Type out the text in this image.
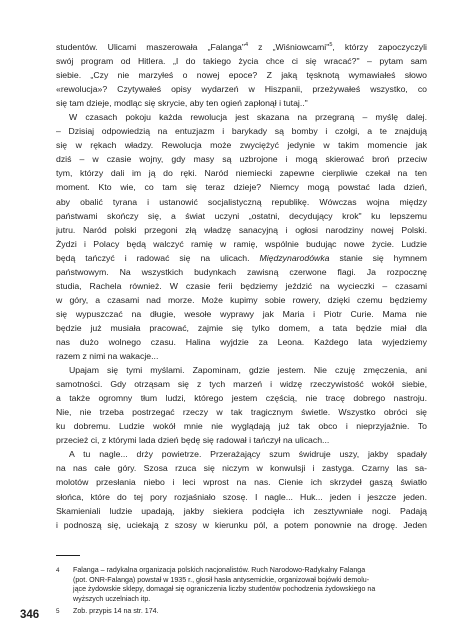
studentów. Ulicami maszerowała „Falanga"$^4$ z „Wiśniowcami"$^5$, którzy zapoczyczyli
swój program od Hitlera. „I do takiego życia chce ci się wracać?" – pytam sam
siebie. „Czy nie marzyłeś o nowej epoce? Z jaką tęsknotą wymawiałeś słowo
«rewolucja»? Czytywałeś opisy wydarzeń w Hiszpanii, przeżywałeś wszystko, co
się tam dzieje, modląc się skrycie, aby ten ogień zapłonął i tutaj.."
W czasach pokoju każda rewolucja jest skazana na przegraną – myślę dalej.
– Dzisiaj odpowiedzią na entuzjazm i barykady są bomby i czołgi, a te znajdują
się w rękach władzy. Rewolucja może zwyciężyć jedynie w takim momencie jak
dziś – w czasie wojny, gdy masy są uzbrojone i mogą skierować broń przeciw
tym, którzy dali im ją do ręki. Naród niemiecki zapewne cierpliwie czekał na ten
moment. Kto wie, co tam się teraz dzieje? Niemcy mogą powstać lada dzień,
aby obalić tyrana i ustanowić socjalistyczną republikę. Wówczas wojna między
państwami skończy się, a świat uczyni „ostatni, decydujący krok" ku lepszemu
jutru. Naród polski przegoni złą władzę sanacyjną i ogłosi narodziny nowej Polski.
Żydzi i Polacy będą walczyć ramię w ramię, wspólnie budując nowe życie. Ludzie
będą tańczyć i radować się na ulicach. Międzynarodówka stanie się hymnem
państwowym. Na wszystkich budynkach zawisną czerwone flagi. Ja rozpocznę
studia, Rachela również. W czasie ferii będziemy jeździć na wycieczki – czasami
w góry, a czasami nad morze. Może kupimy sobie rowery, dzięki czemu będziemy
się wypuszczać na długie, wesołe wyprawy jak Maria i Piotr Curie. Mama nie
będzie już musiała pracować, zajmie się tylko domem, a tata będzie miał dla
nas dużo wolnego czasu. Halina wyjdzie za Leona. Każdego lata wyjedziemy
razem z nimi na wakacje...
Upajam się tymi myślami. Zapominam, gdzie jestem. Nie czuję zmęczenia, ani
samotności. Gdy otrząsam się z tych marzeń i widzę rzeczywistość wokół siebie,
a także ogromny tłum ludzi, którego jestem częścią, nie tracę dobrego nastroju.
Nie, nie trzeba postrzegać rzeczy w tak tragicznym świetle. Wszystko obróci się
ku dobremu. Ludzie wokół mnie nie wyglądają już tak obco i nieprzyjaźnie. To
przecież ci, z którymi lada dzień będę się radował i tańczył na ulicach...
A tu nagle... drży powietrze. Przerażający szum świdruje uszy, jakby spadały
na nas całe góry. Szosa rzuca się niczym w konwulsji i zastyga. Czarny las sa-
molotów przesłania niebo i leci wprost na nas. Cienie ich skrzydeł gaszą światło
słońca, które do tej pory rozjaśniało szosę. I nagle... Huk... jeden i jeszcze jeden.
Skamieniali ludzie upadają, jakby siekiera podcięła ich zesztywniałe nogi. Padają
i podnoszą się, uciekają z szosy w kierunku pól, a potem ponownie na drogę. Jeden
4 Falanga – radykalna organizacja polskich nacjonalistów. Ruch Narodowo-Radykalny Falanga
(pot. ONR-Falanga) powstał w 1935 r., głosił hasła antysemickie, organizował bojówki demolu-
jące żydowskie sklepy, domagał się ograniczenia liczby studentów pochodzenia żydowskiego na
wyższych uczelniach itp.
5 Zob. przypis 14 na str. 174.
346
